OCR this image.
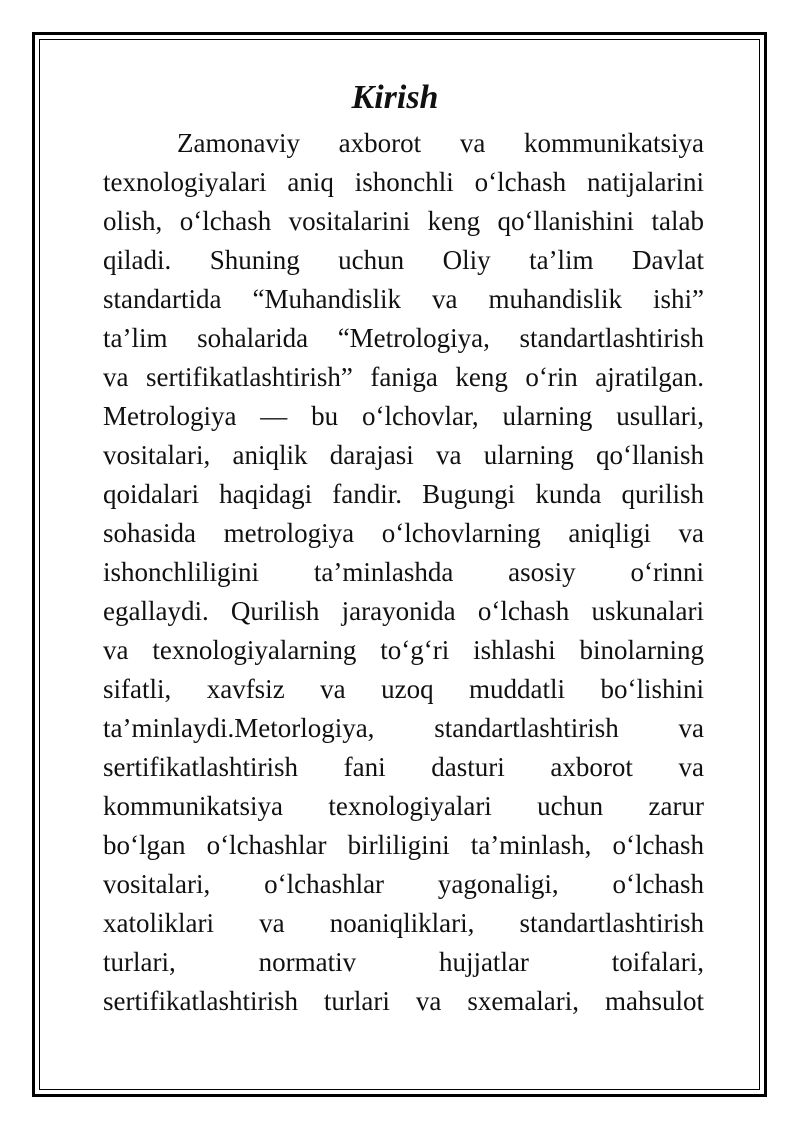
Kirish
Zamonaviy axborot va kommunikatsiya
texnologiyalari aniq ishonchli o‘lchash natijalarini
olish, o‘lchash vositalarini keng qo‘llanishini talab
qiladi. Shuning uchun Oliy ta’lim Davlat
standartida “Muhandislik va muhandislik ishi”
ta’lim sohalarida “Metrologiya, standartlashtirish
va sertifikatlashtirish” faniga keng o‘rin ajratilgan.
Metrologiya — bu o‘lchovlar, ularning usullari,
vositalari, aniqlik darajasi va ularning qo‘llanish
qoidalari haqidagi fandir. Bugungi kunda qurilish
sohasida metrologiya o‘lchovlarning aniqligi va
ishonchliligini ta’minlashda asosiy o‘rinni
egallaydi. Qurilish jarayonida o‘lchash uskunalari
va texnologiyalarning to‘g‘ri ishlashi binolarning
sifatli, xavfsiz va uzoq muddatli bo‘lishini
ta’minlaydi.Metorlogiya, standartlashtirish va
sertifikatlashtirish fani dasturi axborot va
kommunikatsiya texnologiyalari uchun zarur
bo‘lgan o‘lchashlar birliligini ta’minlash, o‘lchash
vositalari, o‘lchashlar yagonaligi, o‘lchash
xatoliklari va noaniqliklari, standartlashtirish
turlari, normativ hujjatlar toifalari,
sertifikatlashtirish turlari va sxemalari, mahsulot
